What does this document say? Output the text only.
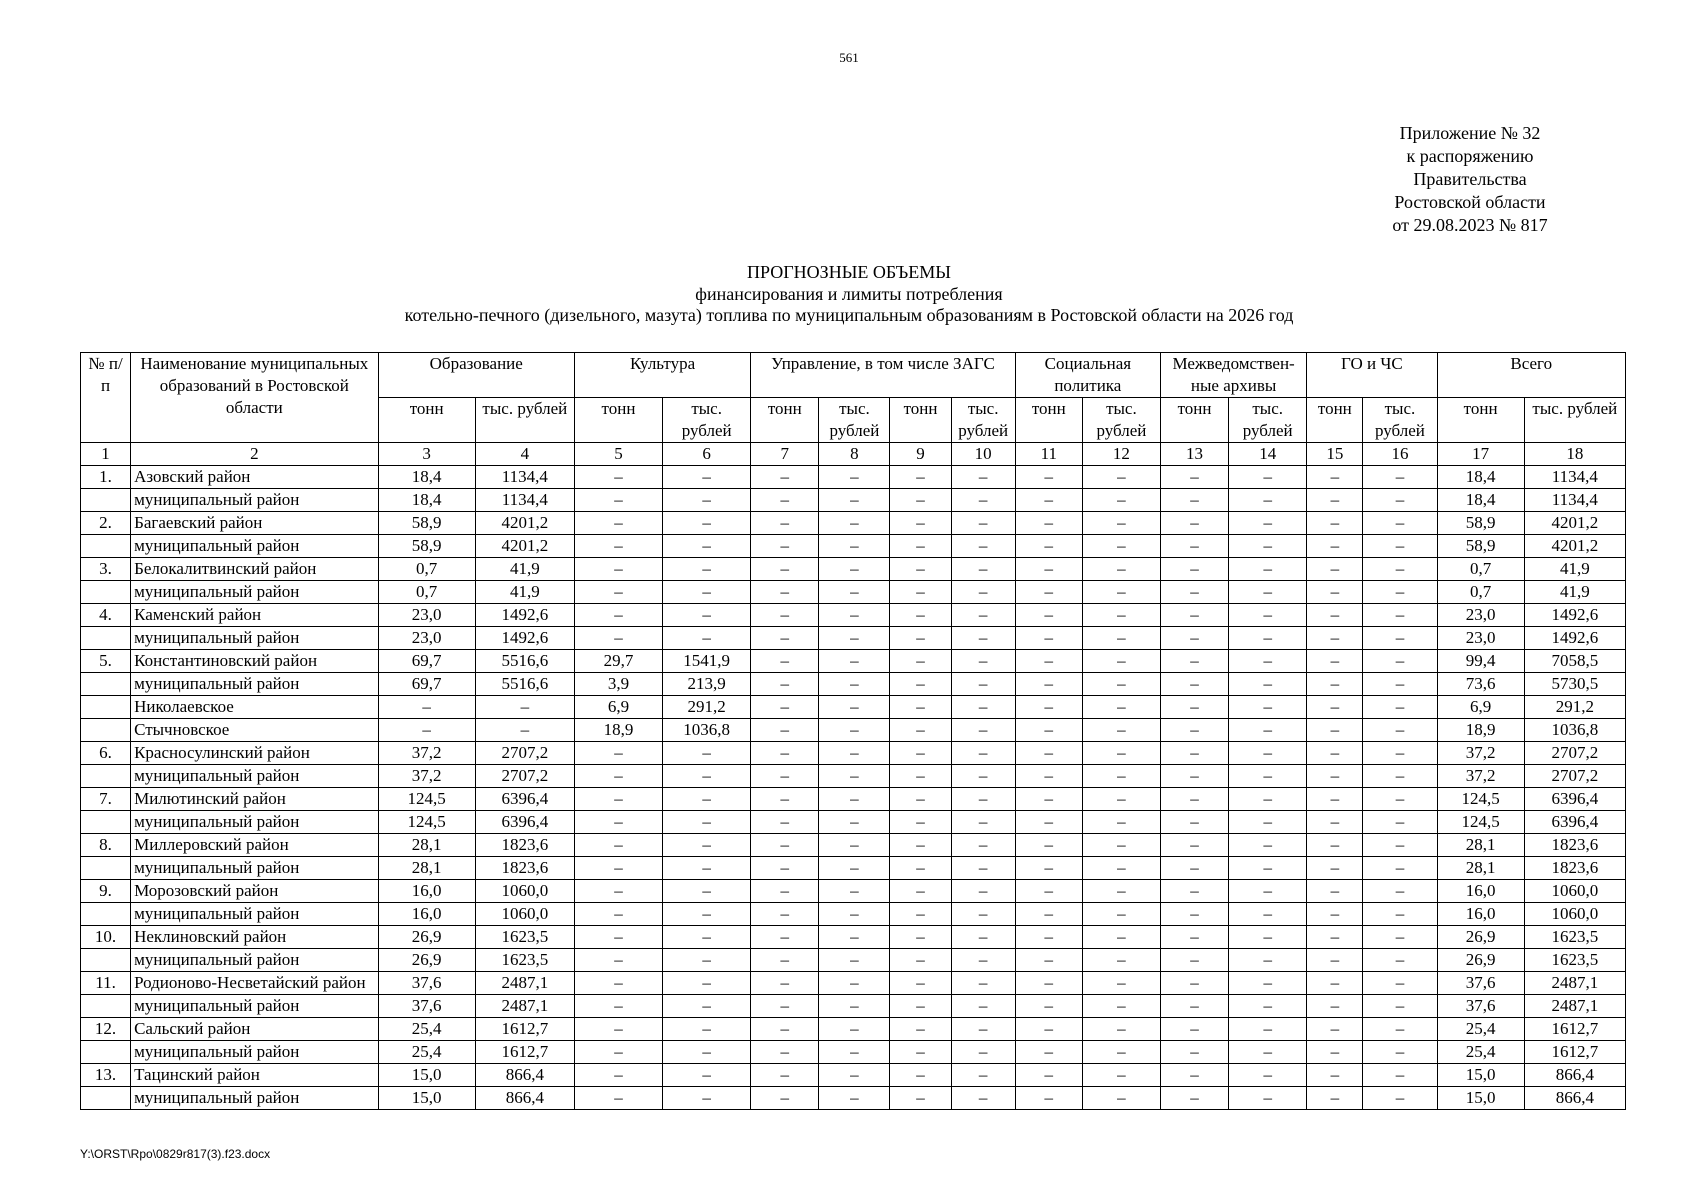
561
Приложение № 32
к распоряжению
Правительства
Ростовской области
от 29.08.2023 № 817
ПРОГНОЗНЫЕ ОБЪЕМЫ
финансирования и лимиты потребления
котельно-печного (дизельного, мазута) топлива по муниципальным образованиям в Ростовской области на 2026 год
№ п/п	Наименование муниципальных образований в Ростовской области	Образование		Культура		Управление, в том числе ЗАГС				Социальная политика		Межведомствен-ные архивы		ГО и ЧС		Всего	
		тонн	тыс. рублей	тонн	тыс. рублей	тонн	тыс. рублей	тонн	тыс. рублей	тонн	тыс. рублей	тонн	тыс. рублей	тонн	тыс. рублей	тонн	тыс. рублей
1	2	3	4	5	6	7	8	9	10	11	12	13	14	15	16	17	18
1.	Азовский район	18,4	1134,4	–	–	–	–	–	–	–	–	–	–	–	–	18,4	1134,4
	муниципальный район	18,4	1134,4	–	–	–	–	–	–	–	–	–	–	–	–	18,4	1134,4
2.	Багаевский район	58,9	4201,2	–	–	–	–	–	–	–	–	–	–	–	–	58,9	4201,2
	муниципальный район	58,9	4201,2	–	–	–	–	–	–	–	–	–	–	–	–	58,9	4201,2
3.	Белокалитвинский район	0,7	41,9	–	–	–	–	–	–	–	–	–	–	–	–	0,7	41,9
	муниципальный район	0,7	41,9	–	–	–	–	–	–	–	–	–	–	–	–	0,7	41,9
4.	Каменский район	23,0	1492,6	–	–	–	–	–	–	–	–	–	–	–	–	23,0	1492,6
	муниципальный район	23,0	1492,6	–	–	–	–	–	–	–	–	–	–	–	–	23,0	1492,6
5.	Константиновский район	69,7	5516,6	29,7	1541,9	–	–	–	–	–	–	–	–	–	–	99,4	7058,5
	муниципальный район	69,7	5516,6	3,9	213,9	–	–	–	–	–	–	–	–	–	–	73,6	5730,5
	Николаевское	–	–	6,9	291,2	–	–	–	–	–	–	–	–	–	–	6,9	291,2
	Стычновское	–	–	18,9	1036,8	–	–	–	–	–	–	–	–	–	–	18,9	1036,8
6.	Красносулинский район	37,2	2707,2	–	–	–	–	–	–	–	–	–	–	–	–	37,2	2707,2
	муниципальный район	37,2	2707,2	–	–	–	–	–	–	–	–	–	–	–	–	37,2	2707,2
7.	Милютинский район	124,5	6396,4	–	–	–	–	–	–	–	–	–	–	–	–	124,5	6396,4
	муниципальный район	124,5	6396,4	–	–	–	–	–	–	–	–	–	–	–	–	124,5	6396,4
8.	Миллеровский район	28,1	1823,6	–	–	–	–	–	–	–	–	–	–	–	–	28,1	1823,6
	муниципальный район	28,1	1823,6	–	–	–	–	–	–	–	–	–	–	–	–	28,1	1823,6
9.	Морозовский район	16,0	1060,0	–	–	–	–	–	–	–	–	–	–	–	–	16,0	1060,0
	муниципальный район	16,0	1060,0	–	–	–	–	–	–	–	–	–	–	–	–	16,0	1060,0
10.	Неклиновский район	26,9	1623,5	–	–	–	–	–	–	–	–	–	–	–	–	26,9	1623,5
	муниципальный район	26,9	1623,5	–	–	–	–	–	–	–	–	–	–	–	–	26,9	1623,5
11.	Родионово-Несветайский район	37,6	2487,1	–	–	–	–	–	–	–	–	–	–	–	–	37,6	2487,1
	муниципальный район	37,6	2487,1	–	–	–	–	–	–	–	–	–	–	–	–	37,6	2487,1
12.	Сальский район	25,4	1612,7	–	–	–	–	–	–	–	–	–	–	–	–	25,4	1612,7
	муниципальный район	25,4	1612,7	–	–	–	–	–	–	–	–	–	–	–	–	25,4	1612,7
13.	Тацинский район	15,0	866,4	–	–	–	–	–	–	–	–	–	–	–	–	15,0	866,4
	муниципальный район	15,0	866,4	–	–	–	–	–	–	–	–	–	–	–	–	15,0	866,4
Y:\ORST\Rpo\0829r817(3).f23.docx
